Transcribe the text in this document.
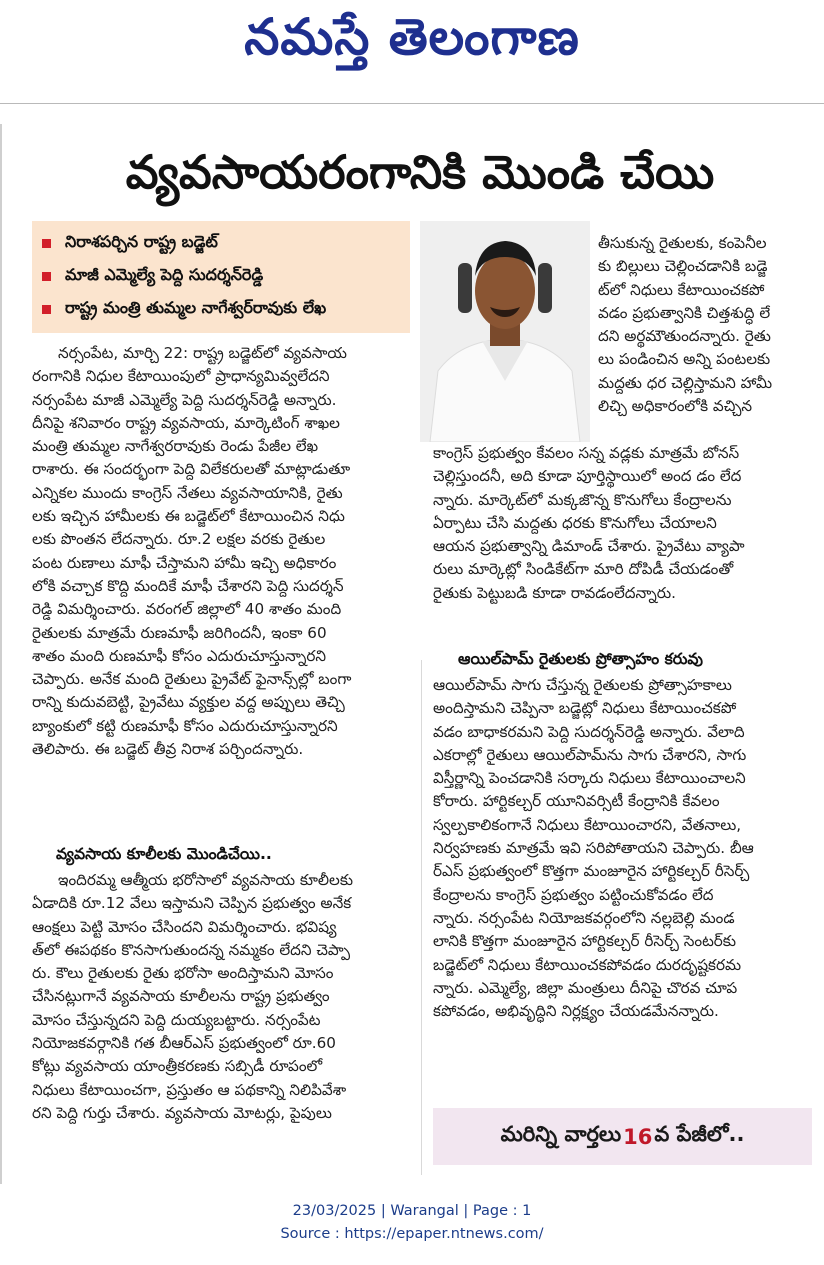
నమస్తే తెలంగాణ
వ్యవసాయరంగానికి మొండి చేయి
నిరాశపర్చిన రాష్ట్ర బడ్జెట్
మాజీ ఎమ్మెల్యే పెద్ది సుదర్శన్‌రెడ్డి
రాష్ట్ర మంత్రి తుమ్మల నాగేశ్వర్‌రావుకు లేఖ
తీసుకున్న రైతులకు, కంపెనీల
కు బిల్లులు చెల్లించడానికి బడ్జె
ట్‌లో నిధులు కేటాయించకపో
వడం ప్రభుత్వానికి చిత్తశుద్ధి లే
దని అర్థమౌతుందన్నారు. రైతు
లు పండించిన అన్ని పంటలకు
మద్దతు ధర చెల్లిస్తామని హామీ
లిచ్చి అధికారంలోకి వచ్చిన
కాంగ్రెస్ ప్రభుత్వం కేవలం సన్న వడ్లకు మాత్రమే బోనస్
చెల్లిస్తుందనీ, అది కూడా పూర్తిస్థాయిలో అంద డం లేద
న్నారు. మార్కెట్‌లో మక్కజొన్న కొనుగోలు కేంద్రాలను
ఏర్పాటు చేసి మద్దతు ధరకు కొనుగోలు చేయాలని
ఆయన ప్రభుత్వాన్ని డిమాండ్ చేశారు. ప్రైవేటు వ్యాపా
రులు మార్కెట్లో సిండికేట్‌గా మారి దోపిడీ చేయడంతో
రైతుకు పెట్టుబడి కూడా రావడంలేదన్నారు.
ఆయిల్‌పామ్ రైతులకు ప్రోత్సాహం కరువు
ఆయిల్‌పామ్ సాగు చేస్తున్న రైతులకు ప్రోత్సాహకాలు
అందిస్తామని చెప్పినా బడ్జెట్లో నిధులు కేటాయించకపో
వడం బాధాకరమని పెద్ది సుదర్శన్‌రెడ్డి అన్నారు. వేలాది
ఎకరాల్లో రైతులు ఆయిల్‌పామ్‌ను సాగు చేశారని, సాగు
విస్తీర్ణాన్ని పెంచడానికి సర్కారు నిధులు కేటాయించాలని
కోరారు. హార్టికల్చర్ యూనివర్సిటీ కేంద్రానికి కేవలం
స్వల్పకాలికంగానే నిధులు కేటాయించారని, వేతనాలు,
నిర్వహణకు మాత్రమే ఇవి సరిపోతాయని చెప్పారు. బీఆ
ర్‌ఎస్ ప్రభుత్వంలో కొత్తగా మంజూరైన హార్టికల్చర్ రీసెర్చ్
కేంద్రాలను కాంగ్రెస్ ప్రభుత్వం పట్టించుకోవడం లేద
న్నారు. నర్సంపేట నియోజకవర్గంలోని నల్లబెల్లి మండ
లానికి కొత్తగా మంజూరైన హార్టికల్చర్ రీసెర్చ్ సెంటర్‌కు
బడ్జెట్‌లో నిధులు కేటాయించకపోవడం దురదృష్టకరమ
న్నారు. ఎమ్మెల్యే, జిల్లా మంత్రులు దీనిపై చొరవ చూప
కపోవడం, అభివృద్ధిని నిర్లక్ష్యం చేయడమేనన్నారు.
నర్సంపేట, మార్చి 22: రాష్ట్ర బడ్జెట్‌లో వ్యవసాయ
రంగానికి నిధుల కేటాయింపులో ప్రాధాన్యమివ్వలేదని
నర్సంపేట మాజీ ఎమ్మెల్యే పెద్ది సుదర్శన్‌రెడ్డి అన్నారు.
దీనిపై శనివారం రాష్ట్ర వ్యవసాయ, మార్కెటింగ్ శాఖల
మంత్రి తుమ్మల నాగేశ్వరరావుకు రెండు పేజీల లేఖ
రాశారు. ఈ సందర్భంగా పెద్ది విలేకరులతో మాట్లాడుతూ
ఎన్నికల ముందు కాంగ్రెస్ నేతలు వ్యవసాయానికి, రైతు
లకు ఇచ్చిన హామీలకు ఈ బడ్జెట్‌లో కేటాయించిన నిధు
లకు పొంతన లేదన్నారు. రూ.2 లక్షల వరకు రైతుల
పంట రుణాలు మాఫీ చేస్తామని హామీ ఇచ్చి అధికారం
లోకి వచ్చాక కొద్ది మందికే మాఫీ చేశారని పెద్ది సుదర్శన్
రెడ్డి విమర్శించారు. వరంగల్ జిల్లాలో 40 శాతం మంది
రైతులకు మాత్రమే రుణమాఫీ జరిగిందనీ, ఇంకా 60
శాతం మంది రుణమాఫీ కోసం ఎదురుచూస్తున్నారని
చెప్పారు. అనేక మంది రైతులు ప్రైవేట్ ఫైనాన్స్‌ల్లో బంగా
రాన్ని కుదువబెట్టి, ప్రైవేటు వ్యక్తుల వద్ద అప్పులు తెచ్చి
బ్యాంకులో కట్టి రుణమాఫీ కోసం ఎదురుచూస్తున్నారని
తెలిపారు. ఈ బడ్జెట్ తీవ్ర నిరాశ పర్చిందన్నారు.
వ్యవసాయ కూలీలకు మొండిచేయి..
ఇందిరమ్మ ఆత్మీయ భరోసాలో వ్యవసాయ కూలీలకు
ఏడాదికి రూ.12 వేలు ఇస్తామని చెప్పిన ప్రభుత్వం అనేక
ఆంక్షలు పెట్టి మోసం చేసిందని విమర్శించారు. భవిష్య
త్‌లో ఈపథకం కొనసాగుతుందన్న నమ్మకం లేదని చెప్పా
రు. కౌలు రైతులకు రైతు భరోసా అందిస్తామని మోసం
చేసినట్లుగానే వ్యవసాయ కూలీలను రాష్ట్ర ప్రభుత్వం
మోసం చేస్తున్నదని పెద్ది దుయ్యబట్టారు. నర్సంపేట
నియోజకవర్గానికి గత బీఆర్‌ఎస్ ప్రభుత్వంలో రూ.60
కోట్లు వ్యవసాయ యాంత్రీకరణకు సబ్సిడీ రూపంలో
నిధులు కేటాయించగా, ప్రస్తుతం ఆ పథకాన్ని నిలిపివేశా
రని పెద్ది గుర్తు చేశారు. వ్యవసాయ మోటర్లు, పైపులు
మరిన్ని వార్తలు 16 వ పేజీలో..
23/03/2025 | Warangal | Page : 1
Source : https://epaper.ntnews.com/
